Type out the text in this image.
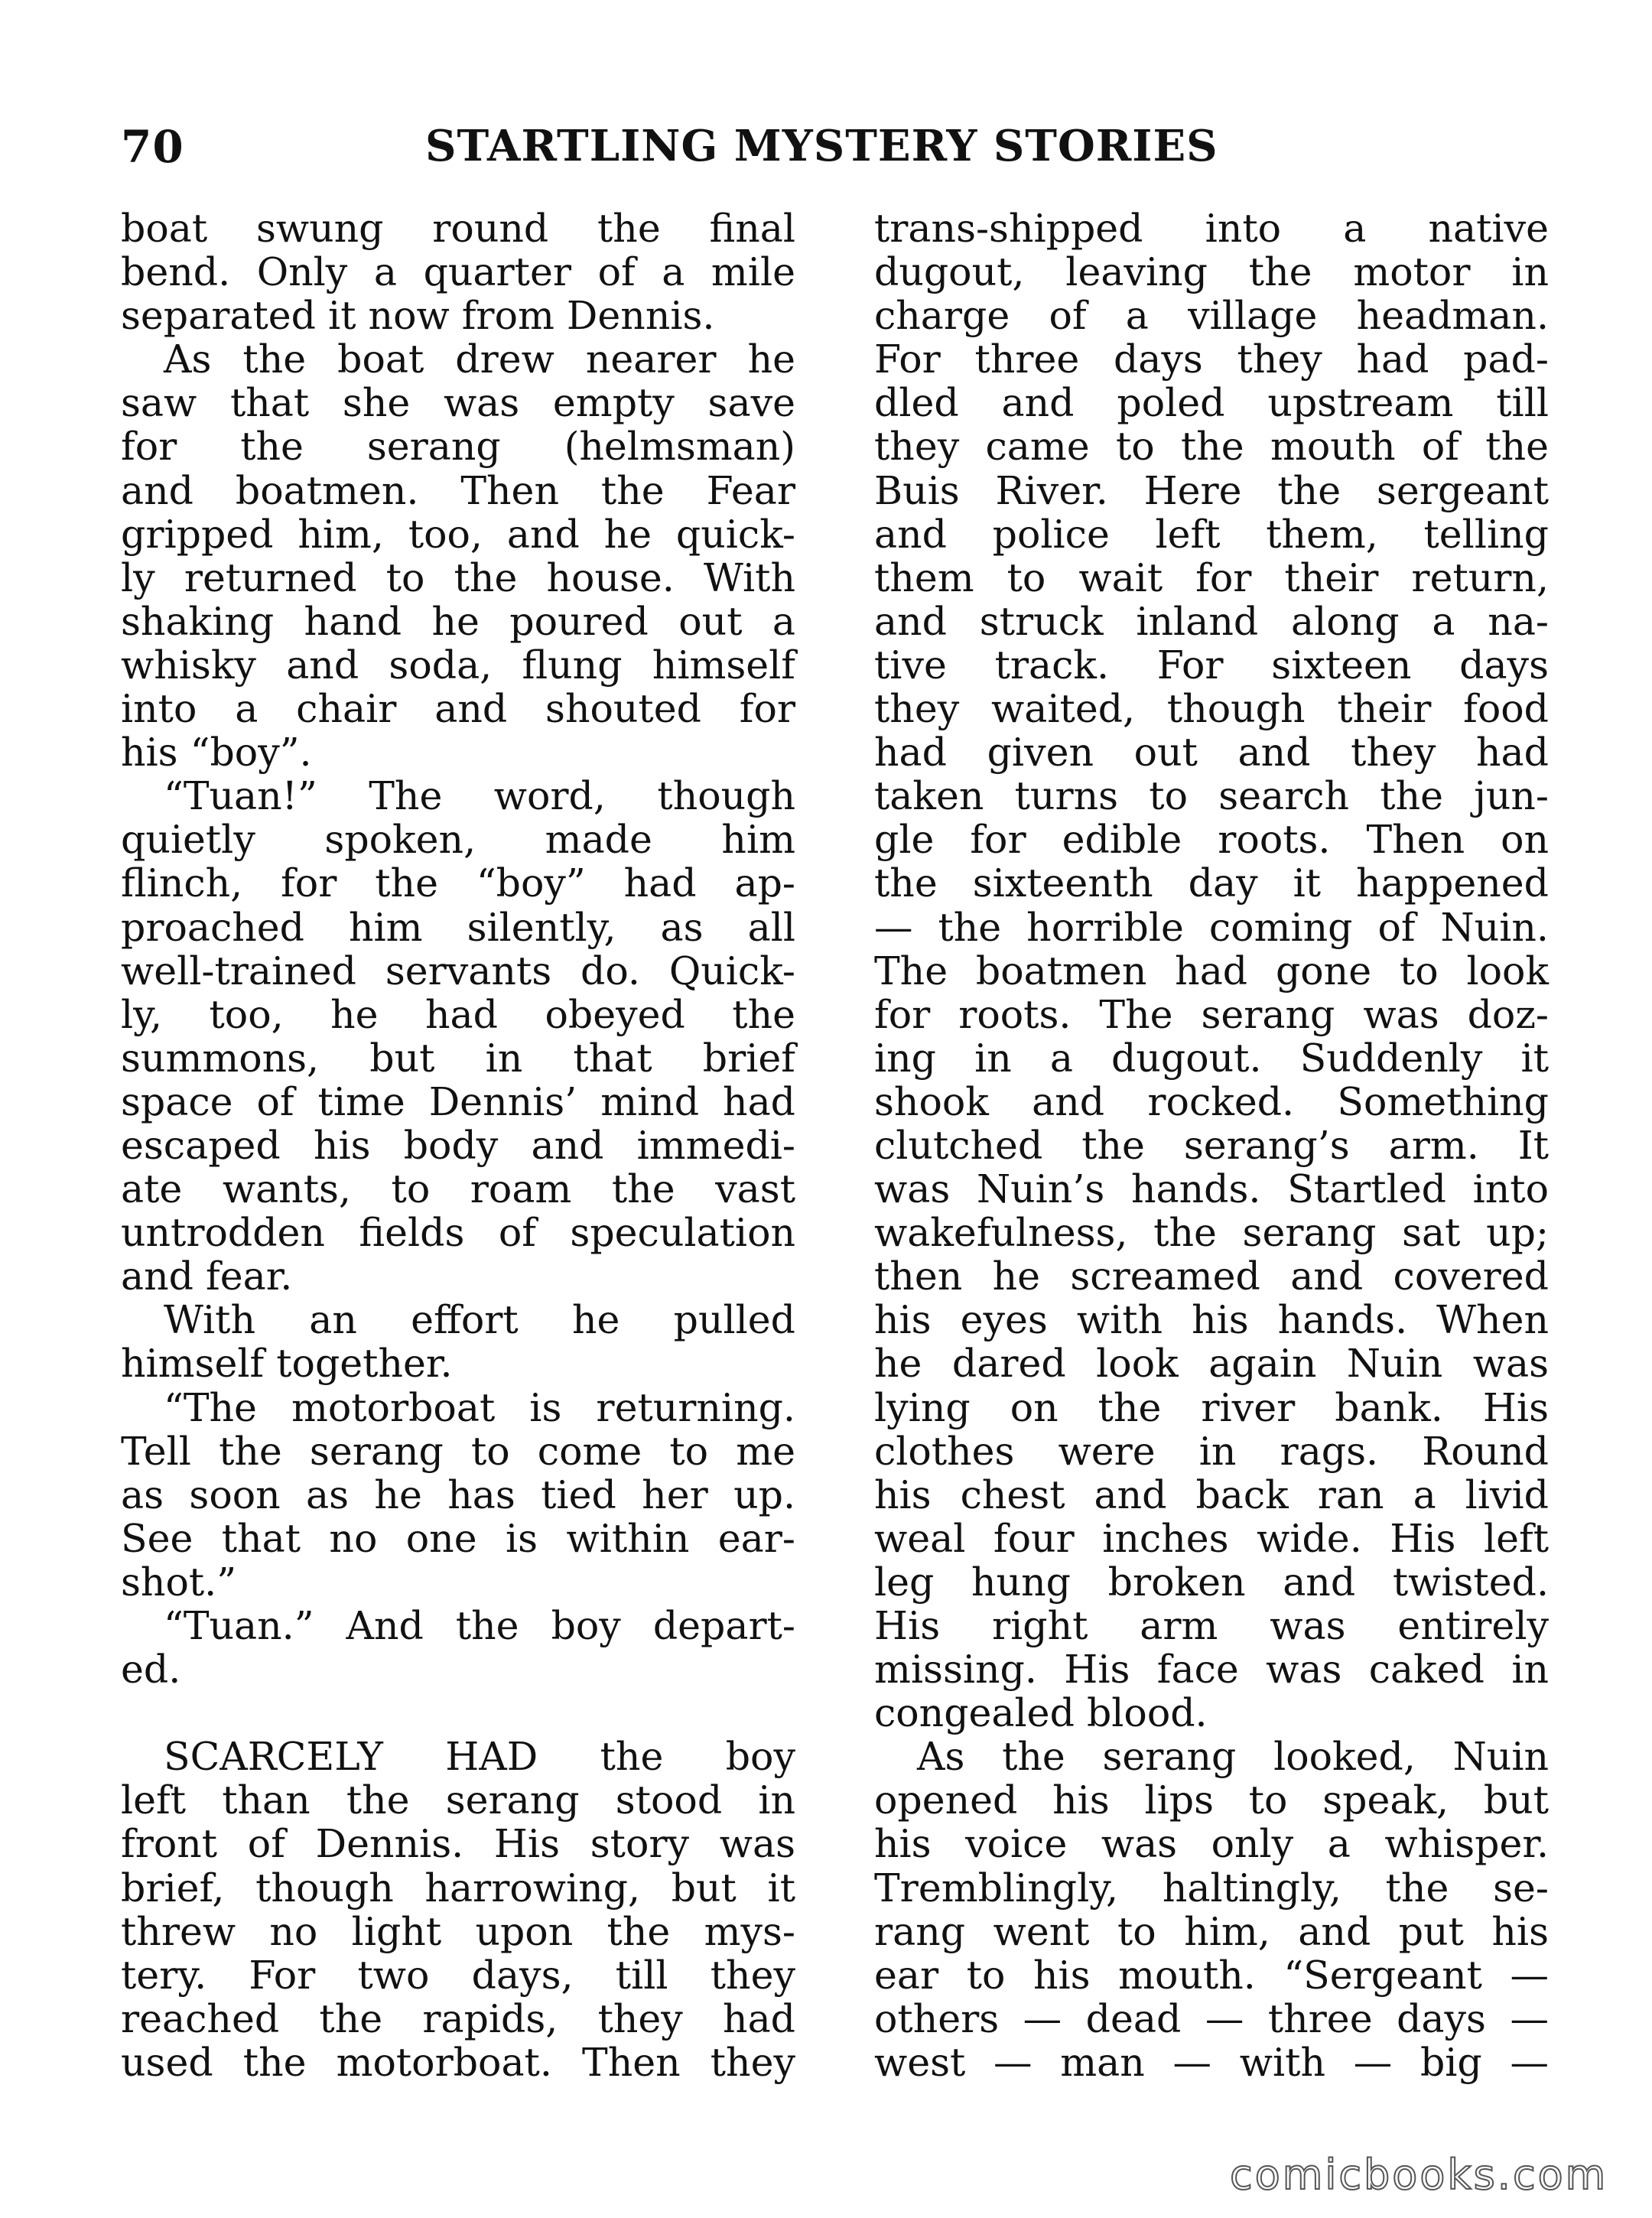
70	STARTLING MYSTERY STORIES
boat swung round the final
bend. Only a quarter of a mile
separated it now from Dennis.
As the boat drew nearer he
saw that she was empty save
for the serang (helmsman)
and boatmen. Then the Fear
gripped him, too, and he quick-
ly returned to the house. With
shaking hand he poured out a
whisky and soda, flung himself
into a chair and shouted for
his “boy”.
“Tuan!” The word, though
quietly spoken, made him
flinch, for the “boy” had ap-
proached him silently, as all
well-trained servants do. Quick-
ly, too, he had obeyed the
summons, but in that brief
space of time Dennis’ mind had
escaped his body and immedi-
ate wants, to roam the vast
untrodden fields of speculation
and fear.
With an effort he pulled
himself together.
“The motorboat is returning.
Tell the serang to come to me
as soon as he has tied her up.
See that no one is within ear-
shot.”
“Tuan.” And the boy depart-
ed.
SCARCELY HAD the boy
left than the serang stood in
front of Dennis. His story was
brief, though harrowing, but it
threw no light upon the mys-
tery. For two days, till they
reached the rapids, they had
used the motorboat. Then they
trans-shipped into a native
dugout, leaving the motor in
charge of a village headman.
For three days they had pad-
dled and poled upstream till
they came to the mouth of the
Buis River. Here the sergeant
and police left them, telling
them to wait for their return,
and struck inland along a na-
tive track. For sixteen days
they waited, though their food
had given out and they had
taken turns to search the jun-
gle for edible roots. Then on
the sixteenth day it happened
— the horrible coming of Nuin.
The boatmen had gone to look
for roots. The serang was doz-
ing in a dugout. Suddenly it
shook and rocked. Something
clutched the serang’s arm. It
was Nuin’s hands. Startled into
wakefulness, the serang sat up;
then he screamed and covered
his eyes with his hands. When
he dared look again Nuin was
lying on the river bank. His
clothes were in rags. Round
his chest and back ran a livid
weal four inches wide. His left
leg hung broken and twisted.
His right arm was entirely
missing. His face was caked in
congealed blood.
As the serang looked, Nuin
opened his lips to speak, but
his voice was only a whisper.
Tremblingly, haltingly, the se-
rang went to him, and put his
ear to his mouth. “Sergeant —
others — dead — three days —
west — man — with — big —
comicbooks.com
